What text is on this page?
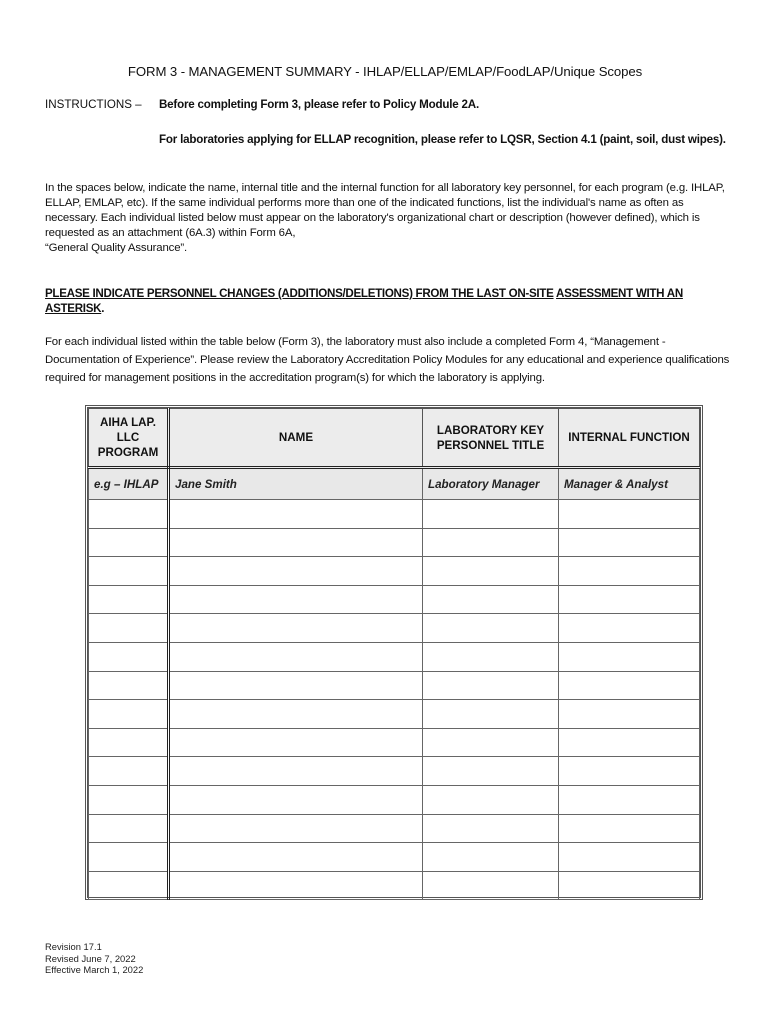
FORM 3 - MANAGEMENT SUMMARY - IHLAP/ELLAP/EMLAP/FoodLAP/Unique Scopes
INSTRUCTIONS – Before completing Form 3, please refer to Policy Module 2A.
For laboratories applying for ELLAP recognition, please refer to LQSR, Section 4.1 (paint, soil, dust wipes).
In the spaces below, indicate the name, internal title and the internal function for all laboratory key personnel, for each program (e.g. IHLAP, ELLAP, EMLAP, etc). If the same individual performs more than one of the indicated functions, list the individual's name as often as necessary. Each individual listed below must appear on the laboratory's organizational chart or description (however defined), which is requested as an attachment (6A.3) within Form 6A,
“General Quality Assurance”.
PLEASE INDICATE PERSONNEL CHANGES (ADDITIONS/DELETIONS) FROM THE LAST ON-SITE ASSESSMENT WITH AN ASTERISK.
For each individual listed within the table below (Form 3), the laboratory must also include a completed Form 4, “Management - Documentation of Experience”. Please review the Laboratory Accreditation Policy Modules for any educational and experience qualifications required for management positions in the accreditation program(s) for which the laboratory is applying.
AIHA LAP. LLC PROGRAM	NAME	LABORATORY KEY PERSONNEL TITLE	INTERNAL FUNCTION
e.g – IHLAP	Jane Smith	Laboratory Manager	Manager & Analyst

Revision 17.1
Revised June 7, 2022
Effective March 1, 2022
